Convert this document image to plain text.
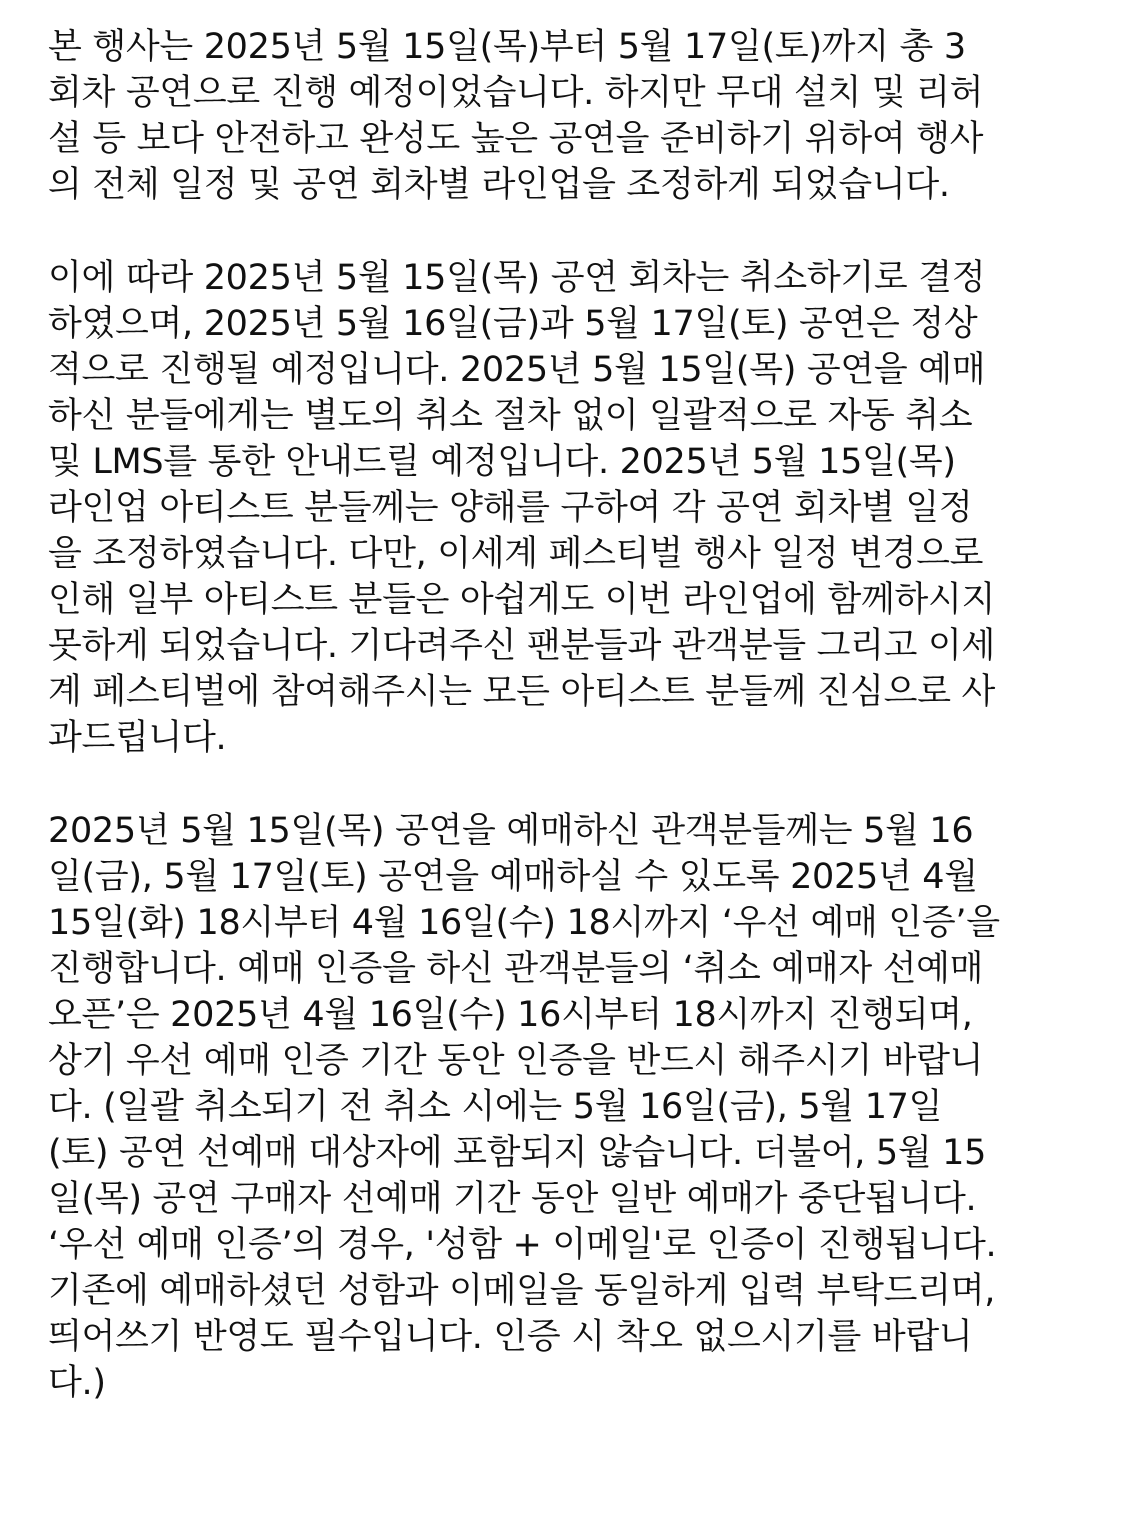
본 행사는 2025년 5월 15일(목)부터 5월 17일(토)까지 총 3
회차 공연으로 진행 예정이었습니다. 하지만 무대 설치 및 리허
설 등 보다 안전하고 완성도 높은 공연을 준비하기 위하여 행사
의 전체 일정 및 공연 회차별 라인업을 조정하게 되었습니다.
이에 따라 2025년 5월 15일(목) 공연 회차는 취소하기로 결정
하였으며, 2025년 5월 16일(금)과 5월 17일(토) 공연은 정상
적으로 진행될 예정입니다. 2025년 5월 15일(목) 공연을 예매
하신 분들에게는 별도의 취소 절차 없이 일괄적으로 자동 취소
및 LMS를 통한 안내드릴 예정입니다. 2025년 5월 15일(목)
라인업 아티스트 분들께는 양해를 구하여 각 공연 회차별 일정
을 조정하였습니다. 다만, 이세계 페스티벌 행사 일정 변경으로
인해 일부 아티스트 분들은 아쉽게도 이번 라인업에 함께하시지
못하게 되었습니다. 기다려주신 팬분들과 관객분들 그리고 이세
계 페스티벌에 참여해주시는 모든 아티스트 분들께 진심으로 사
과드립니다.
2025년 5월 15일(목) 공연을 예매하신 관객분들께는 5월 16
일(금), 5월 17일(토) 공연을 예매하실 수 있도록 2025년 4월
15일(화) 18시부터 4월 16일(수) 18시까지 ‘우선 예매 인증’을
진행합니다. 예매 인증을 하신 관객분들의 ‘취소 예매자 선예매
오픈’은 2025년 4월 16일(수) 16시부터 18시까지 진행되며,
상기 우선 예매 인증 기간 동안 인증을 반드시 해주시기 바랍니
다. (일괄 취소되기 전 취소 시에는 5월 16일(금), 5월 17일
(토) 공연 선예매 대상자에 포함되지 않습니다. 더불어, 5월 15
일(목) 공연 구매자 선예매 기간 동안 일반 예매가 중단됩니다.
‘우선 예매 인증’의 경우, '성함 + 이메일'로 인증이 진행됩니다.
기존에 예매하셨던 성함과 이메일을 동일하게 입력 부탁드리며,
띄어쓰기 반영도 필수입니다. 인증 시 착오 없으시기를 바랍니
다.)
